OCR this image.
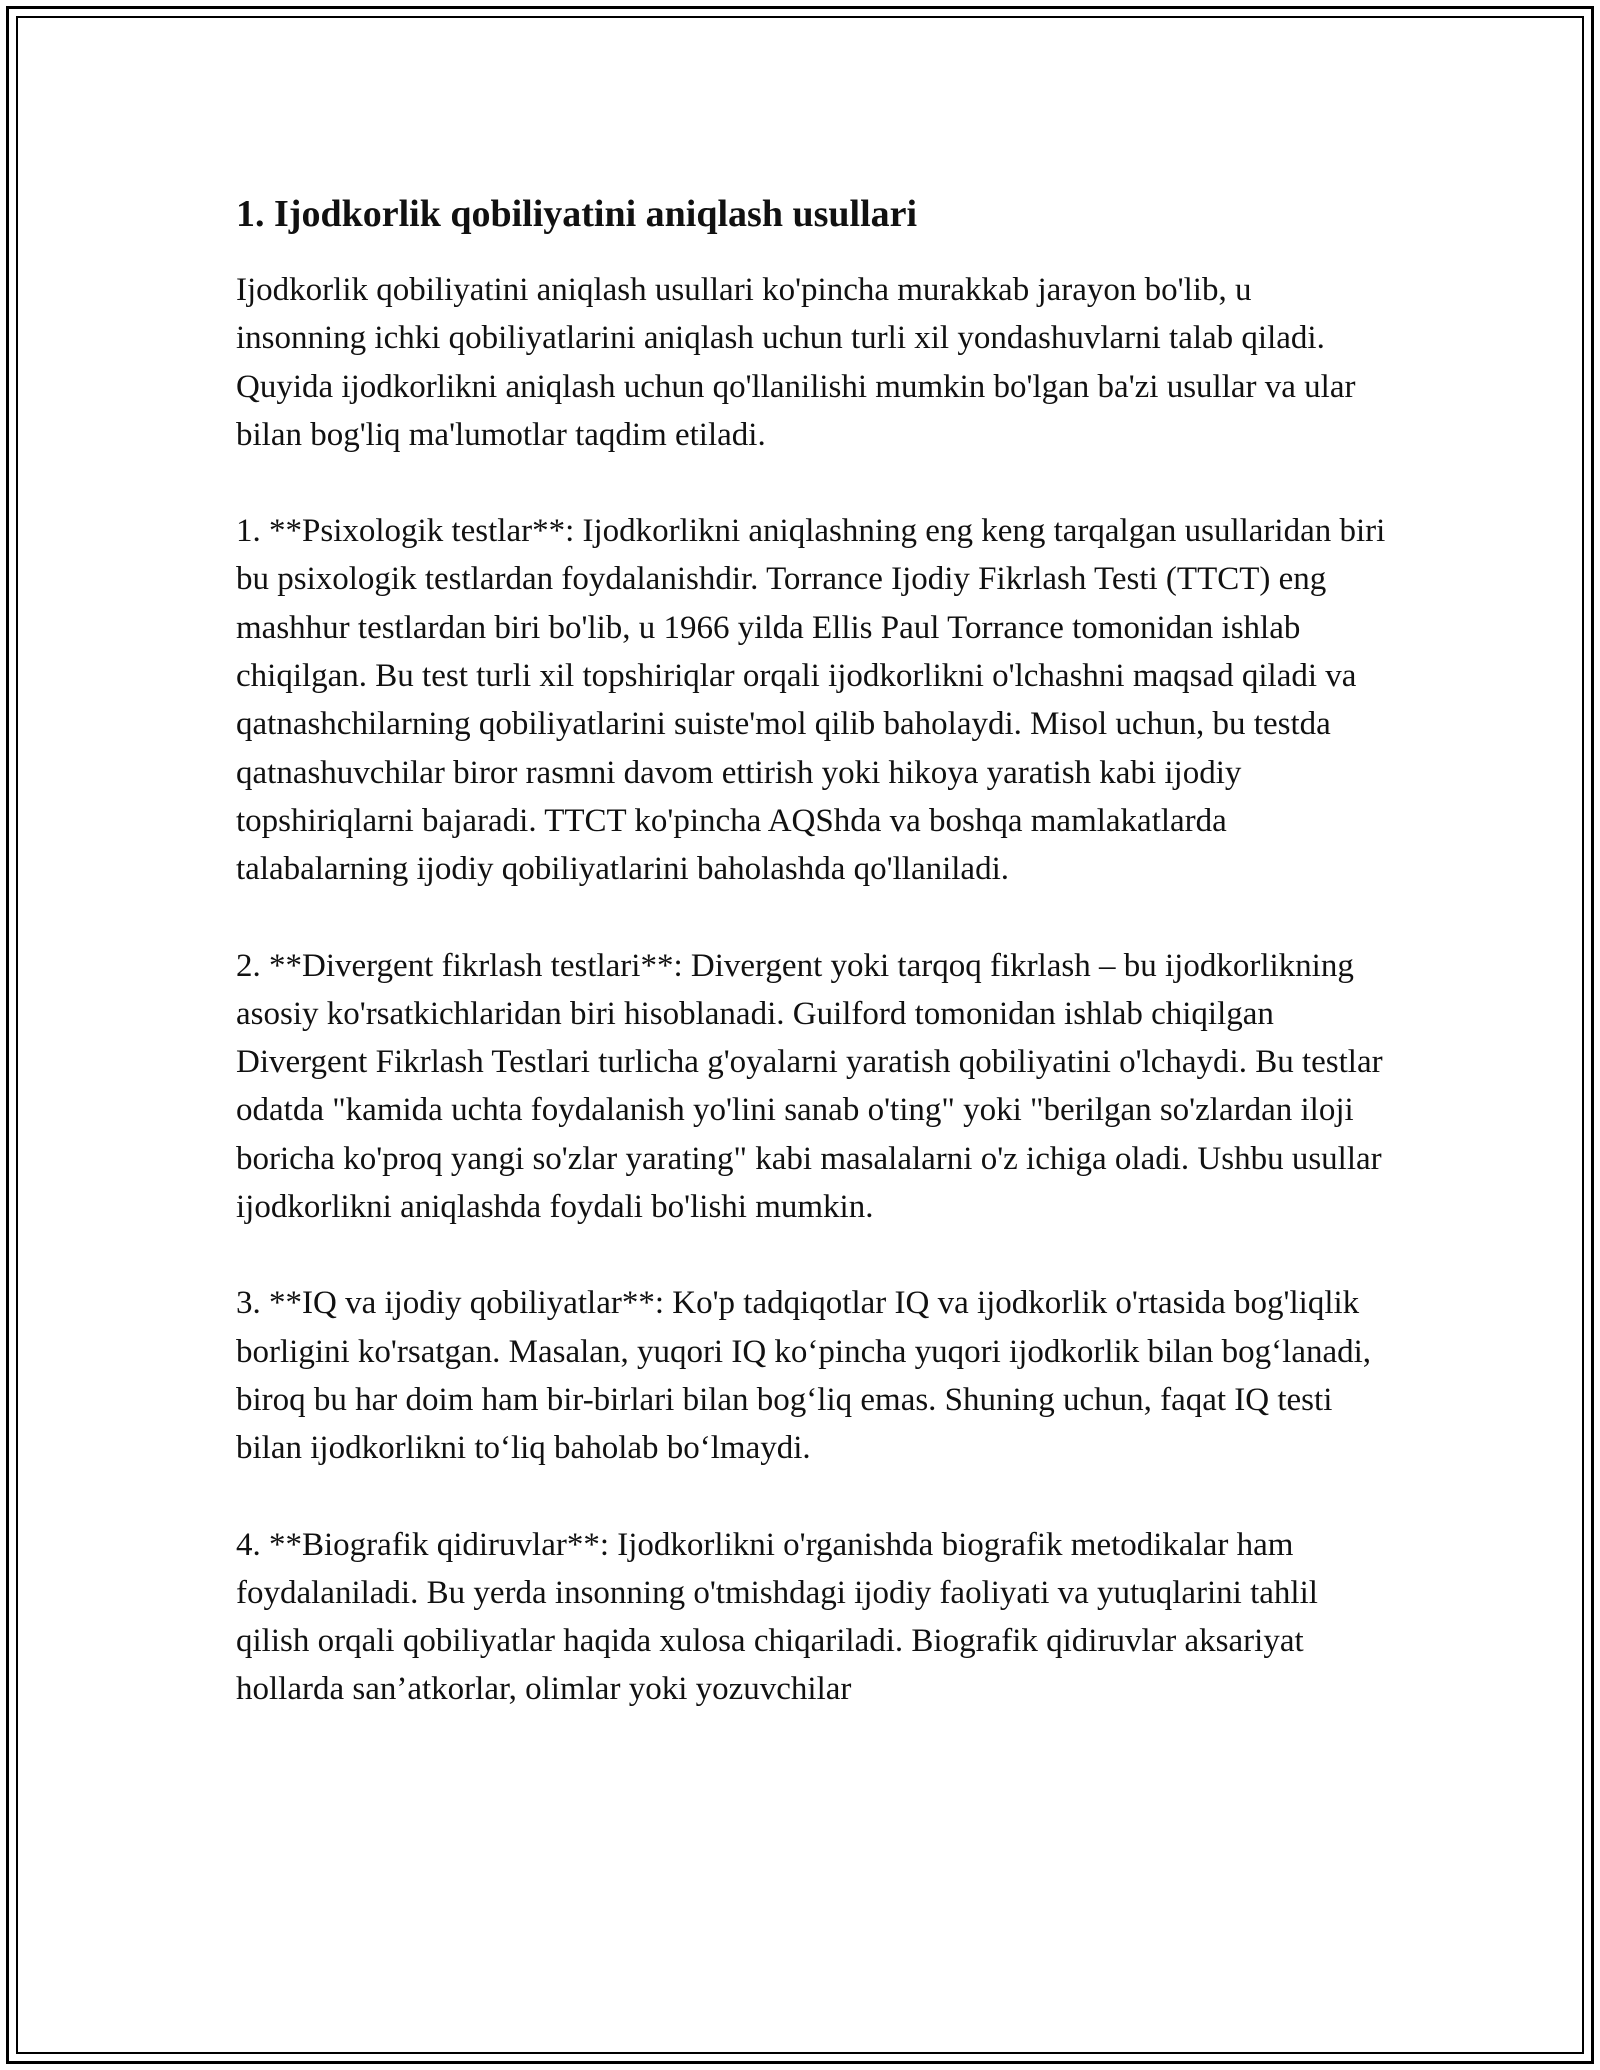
1. Ijodkorlik qobiliyatini aniqlash usullari

Ijodkorlik qobiliyatini aniqlash usullari ko'pincha murakkab jarayon bo'lib, u insonning ichki qobiliyatlarini aniqlash uchun turli xil yondashuvlarni talab qiladi. Quyida ijodkorlikni aniqlash uchun qo'llanilishi mumkin bo'lgan ba'zi usullar va ular bilan bog'liq ma'lumotlar taqdim etiladi.

1. **Psixologik testlar**: Ijodkorlikni aniqlashning eng keng tarqalgan usullaridan biri bu psixologik testlardan foydalanishdir. Torrance Ijodiy Fikrlash Testi (TTCT) eng mashhur testlardan biri bo'lib, u 1966 yilda Ellis Paul Torrance tomonidan ishlab chiqilgan. Bu test turli xil topshiriqlar orqali ijodkorlikni o'lchashni maqsad qiladi va qatnashchilarning qobiliyatlarini suiste'mol qilib baholaydi. Misol uchun, bu testda qatnashuvchilar biror rasmni davom ettirish yoki hikoya yaratish kabi ijodiy topshiriqlarni bajaradi. TTCT ko'pincha AQShda va boshqa mamlakatlarda talabalarning ijodiy qobiliyatlarini baholashda qo'llaniladi.

2. **Divergent fikrlash testlari**: Divergent yoki tarqoq fikrlash – bu ijodkorlikning asosiy ko'rsatkichlaridan biri hisoblanadi. Guilford tomonidan ishlab chiqilgan Divergent Fikrlash Testlari turlicha g'oyalarni yaratish qobiliyatini o'lchaydi. Bu testlar odatda "kamida uchta foydalanish yo'lini sanab o'ting" yoki "berilgan so'zlardan iloji boricha ko'proq yangi so'zlar yarating" kabi masalalarni o'z ichiga oladi. Ushbu usullar ijodkorlikni aniqlashda foydali bo'lishi mumkin.

3. **IQ va ijodiy qobiliyatlar**: Ko'p tadqiqotlar IQ va ijodkorlik o'rtasida bog'liqlik borligini ko'rsatgan. Masalan, yuqori IQ ko‘pincha yuqori ijodkorlik bilan bog‘lanadi, biroq bu har doim ham bir-birlari bilan bog‘liq emas. Shuning uchun, faqat IQ testi bilan ijodkorlikni to‘liq baholab bo‘lmaydi.

4. **Biografik qidiruvlar**: Ijodkorlikni o'rganishda biografik metodikalar ham foydalaniladi. Bu yerda insonning o'tmishdagi ijodiy faoliyati va yutuqlarini tahlil qilish orqali qobiliyatlar haqida xulosa chiqariladi. Biografik qidiruvlar aksariyat hollarda san’atkorlar, olimlar yoki yozuvchilar
